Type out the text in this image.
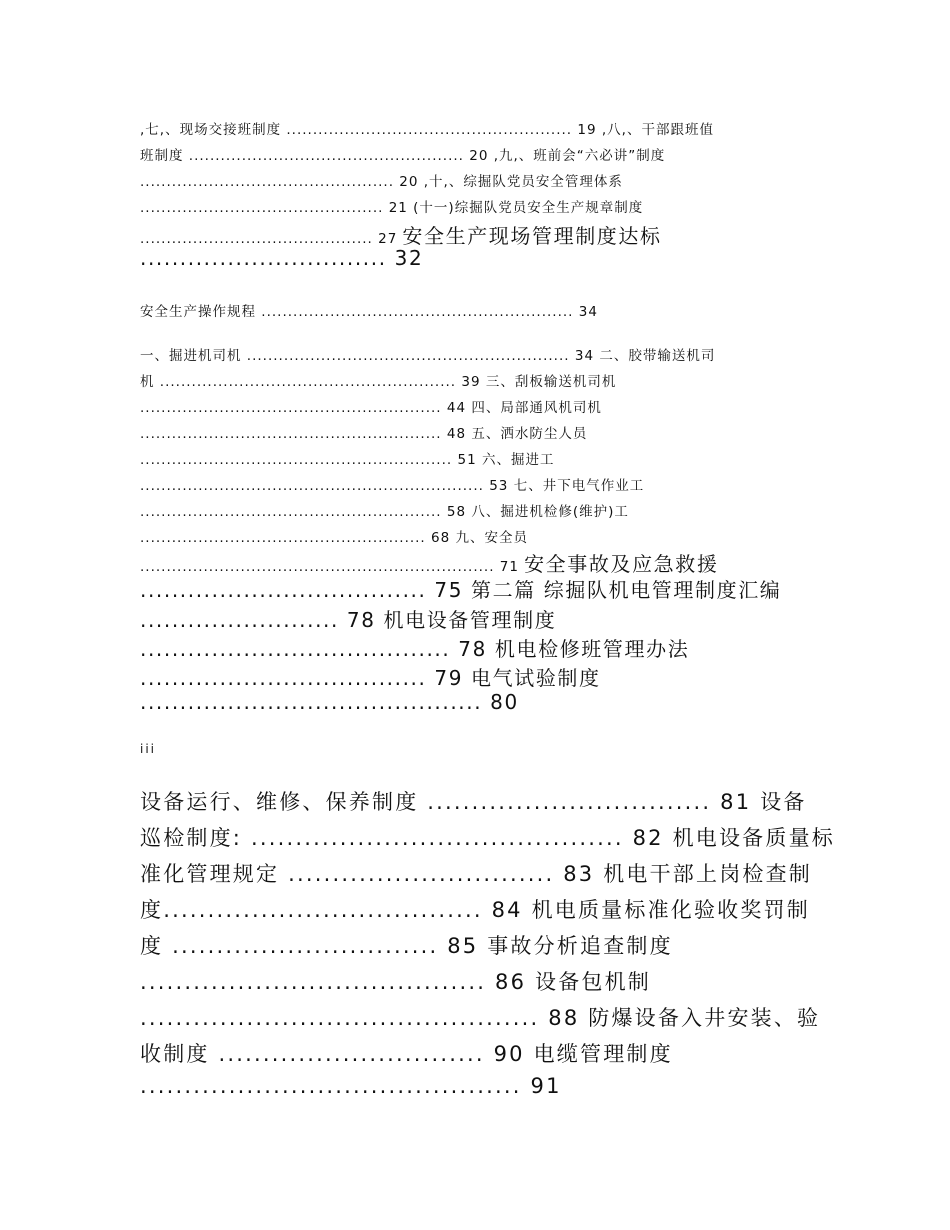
,七,、现场交接班制度 ...................................................... 19 ,八,、干部跟班值
班制度 .................................................... 20 ,九,、班前会“六必讲”制度
................................................ 20 ,十,、综掘队党员安全管理体系
.............................................. 21 (十一)综掘队党员安全生产规章制度
............................................ 27 安全生产现场管理制度达标
............................... 32
安全生产操作规程 ........................................................... 34
一、掘进机司机 ............................................................. 34 二、胶带输送机司
机 ........................................................ 39 三、刮板输送机司机
......................................................... 44 四、局部通风机司机
......................................................... 48 五、洒水防尘人员
........................................................... 51 六、掘进工
................................................................. 53 七、井下电气作业工
......................................................... 58 八、掘进机检修(维护)工
...................................................... 68 九、安全员
................................................................... 71 安全事故及应急救援
.................................... 75 第二篇 综掘队机电管理制度汇编
......................... 78 机电设备管理制度
....................................... 78 机电检修班管理办法
.................................... 79 电气试验制度
........................................... 80
iii
设备运行、维修、保养制度 ................................ 81 设备
巡检制度: .......................................... 82 机电设备质量标
准化管理规定 .............................. 83 机电干部上岗检查制
度.................................... 84 机电质量标准化验收奖罚制
度 .............................. 85 事故分析追查制度
....................................... 86 设备包机制
............................................. 88 防爆设备入井安装、验
收制度 .............................. 90 电缆管理制度
........................................... 91
